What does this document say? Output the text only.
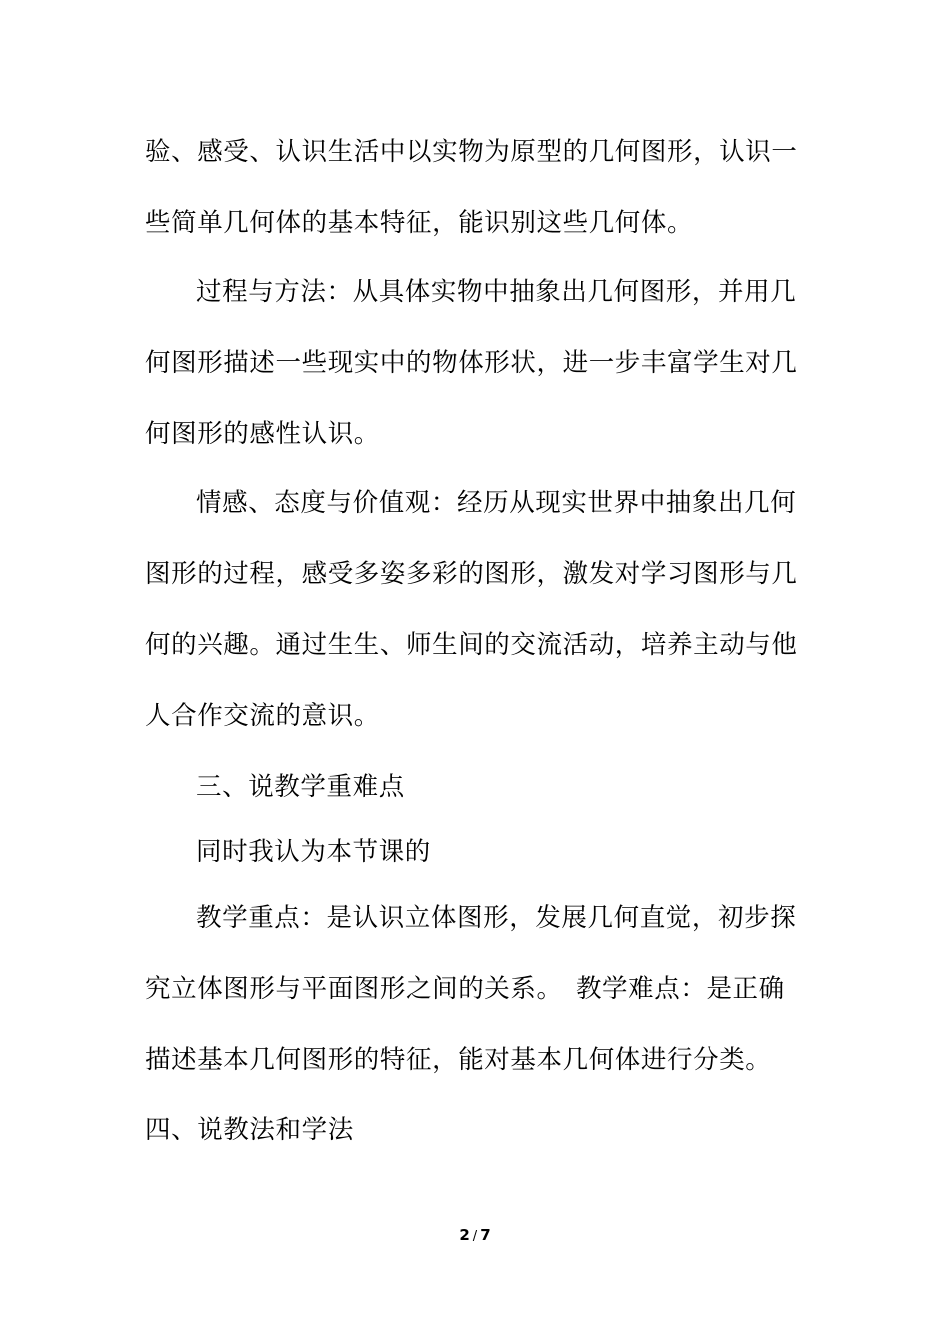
验、感受、认识生活中以实物为原型的几何图形，认识一
些简单几何体的基本特征，能识别这些几何体。
过程与方法：从具体实物中抽象出几何图形，并用几
何图形描述一些现实中的物体形状，进一步丰富学生对几
何图形的感性认识。
情感、态度与价值观：经历从现实世界中抽象出几何
图形的过程，感受多姿多彩的图形，激发对学习图形与几
何的兴趣。通过生生、师生间的交流活动，培养主动与他
人合作交流的意识。
三、说教学重难点
同时我认为本节课的
教学重点：是认识立体图形，发展几何直觉，初步探
究立体图形与平面图形之间的关系。　教学难点：是正确
描述基本几何图形的特征，能对基本几何体进行分类。
四、说教法和学法
2 / 7
